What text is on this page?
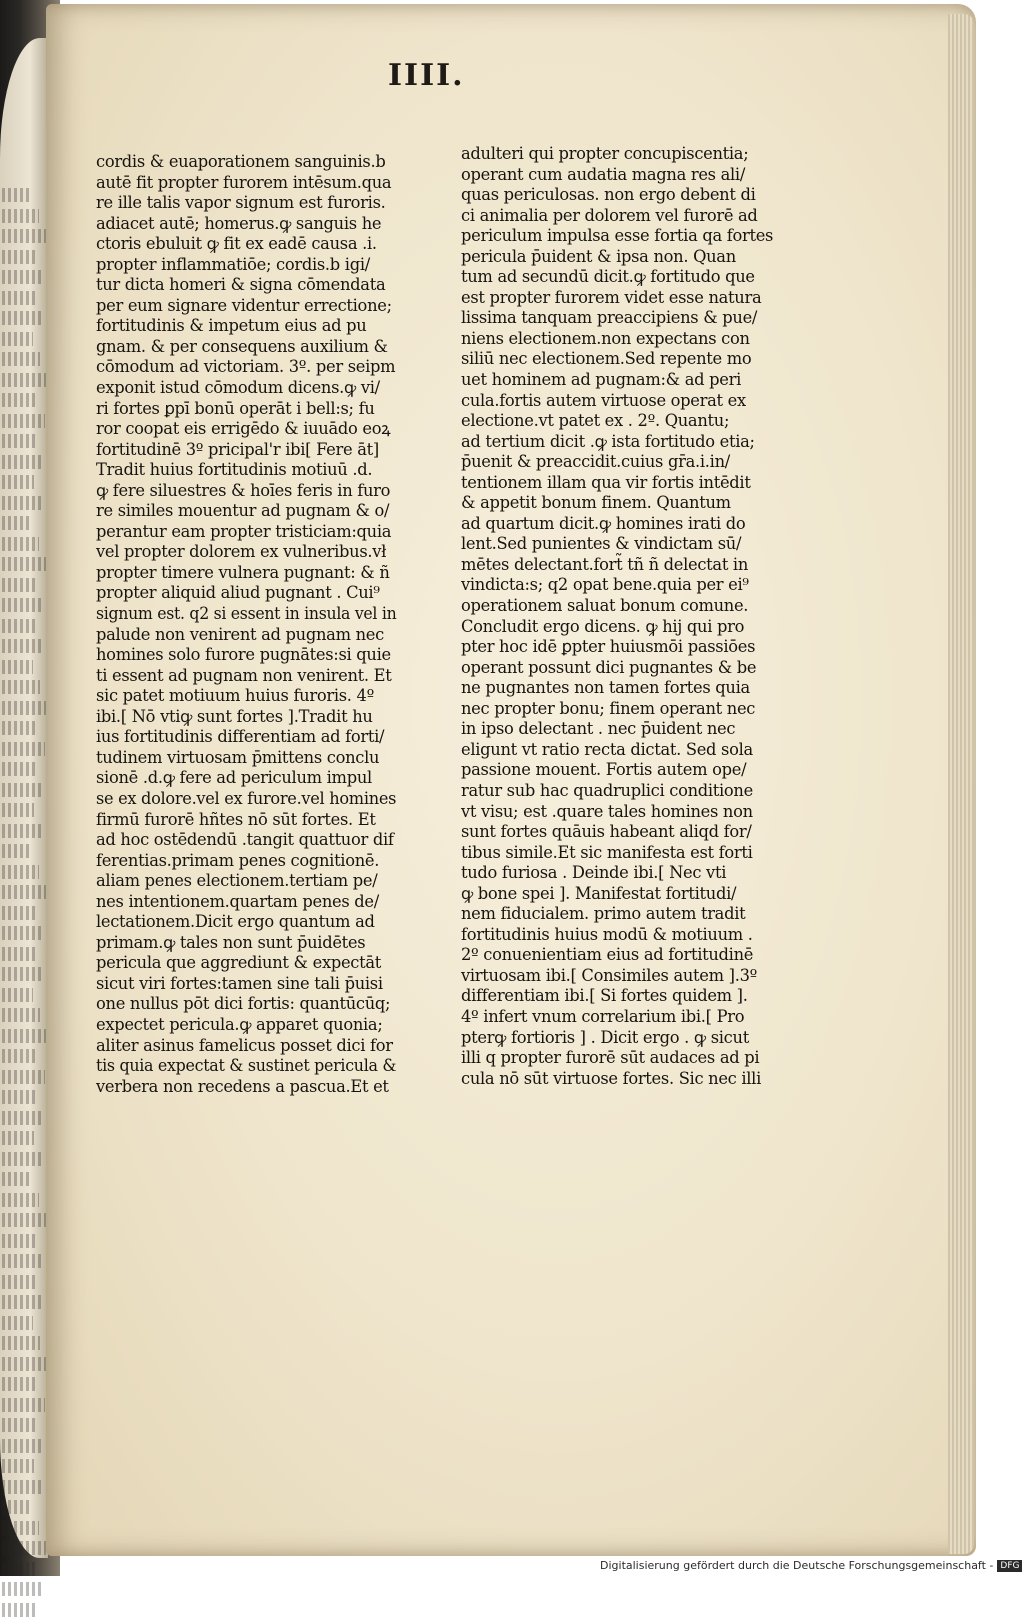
IIII.
cordis & euaporationem sanguinis.b
autē fit propter furorem intēsum.qua
re ille talis vapor signum est furoris.
adiacet autē; homerus.ꝙ sanguis he
ctoris ebuluit ꝙ fit ex eadē causa .i.
propter inflammatiōe; cordis.b igi/
tur dicta homeri & signa cōmendata
per eum signare videntur errectione;
fortitudinis & impetum eius ad pu
gnam. & per consequens auxilium &
cōmodum ad victoriam. 3º. per seipm
exponit istud cōmodum dicens.ꝙ vi/
ri fortes ꝑpī bonū operāt i bell:s; fu
ror coopat eis errigēdo & iuuādo eoꝝ
fortitudinē 3º pricipal'r ibi[ Fere āt]
Tradit huius fortitudinis motiuū .d.
ꝙ fere siluestres & hoīes feris in furo
re similes mouentur ad pugnam & o/
perantur eam propter tristiciam:quia
vel propter dolorem ex vulneribus.vł
propter timere vulnera pugnant: & ñ
propter aliquid aliud pugnant . Cui⁹
signum est. q2 si essent in insula vel in
palude non venirent ad pugnam nec
homines solo furore pugnātes:si quie
ti essent ad pugnam non venirent. Et
sic patet motiuum huius furoris. 4º
ibi.[ Nō vtiꝙ sunt fortes ].Tradit hu
ius fortitudinis differentiam ad forti/
tudinem virtuosam p̄mittens conclu
sionē .d.ꝙ fere ad periculum impul
se ex dolore.vel ex furore.vel homines
firmū furorē hñtes nō sūt fortes. Et
ad hoc ostēdendū .tangit quattuor dif
ferentias.primam penes cognitionē.
aliam penes electionem.tertiam pe/
nes intentionem.quartam penes de/
lectationem.Dicit ergo quantum ad
primam.ꝙ tales non sunt p̄uidētes
pericula que aggrediunt & expectāt
sicut viri fortes:tamen sine tali p̄uisi
one nullus pōt dici fortis: quantūcūq;
expectet pericula.ꝙ apparet quonia;
aliter asinus famelicus posset dici for
tis quia expectat & sustinet pericula &
verbera non recedens a pascua.Et et
adulteri qui propter concupiscentia;
operant cum audatia magna res ali/
quas periculosas. non ergo debent di
ci animalia per dolorem vel furorē ad
periculum impulsa esse fortia qa fortes
pericula p̄uident & ipsa non. Quan
tum ad secundū dicit.ꝙ fortitudo que
est propter furorem videt esse natura
lissima tanquam preaccipiens & pue/
niens electionem.non expectans con
siliū nec electionem.Sed repente mo
uet hominem ad pugnam:& ad peri
cula.fortis autem virtuose operat ex
electione.vt patet ex . 2º. Quantu;
ad tertium dicit .ꝙ ista fortitudo etia;
p̄uenit & preaccidit.cuius gr̄a.i.in/
tentionem illam qua vir fortis intēdit
& appetit bonum finem. Quantum
ad quartum dicit.ꝙ homines irati do
lent.Sed punientes & vindictam sū/
mētes delectant.fort̃ tñ ñ delectat in
vindicta:s; q2 opat bene.quia per ei⁹
operationem saluat bonum comune.
Concludit ergo dicens. ꝙ hij qui pro
pter hoc idē ꝑpter huiusmōi passiōes
operant possunt dici pugnantes & be
ne pugnantes non tamen fortes quia
nec propter bonu; finem operant nec
in ipso delectant . nec p̄uident nec
eligunt vt ratio recta dictat. Sed sola
passione mouent. Fortis autem ope/
ratur sub hac quadruplici conditione
vt visu; est .quare tales homines non
sunt fortes quāuis habeant aliqd for/
tibus simile.Et sic manifesta est forti
tudo furiosa . Deinde ibi.[ Nec vti
ꝙ bone spei ]. Manifestat fortitudi/
nem fiducialem. primo autem tradit
fortitudinis huius modū & motiuum .
2º conuenientiam eius ad fortitudinē
virtuosam ibi.[ Consimiles autem ].3º
differentiam ibi.[ Si fortes quidem ].
4º infert vnum correlarium ibi.[ Pro
pterꝙ fortioris ] . Dicit ergo . ꝙ sicut
illi q propter furorē sūt audaces ad pi
cula nō sūt virtuose fortes. Sic nec illi
Digitalisierung gefördert durch die Deutsche Forschungsgemeinschaft - DFG
